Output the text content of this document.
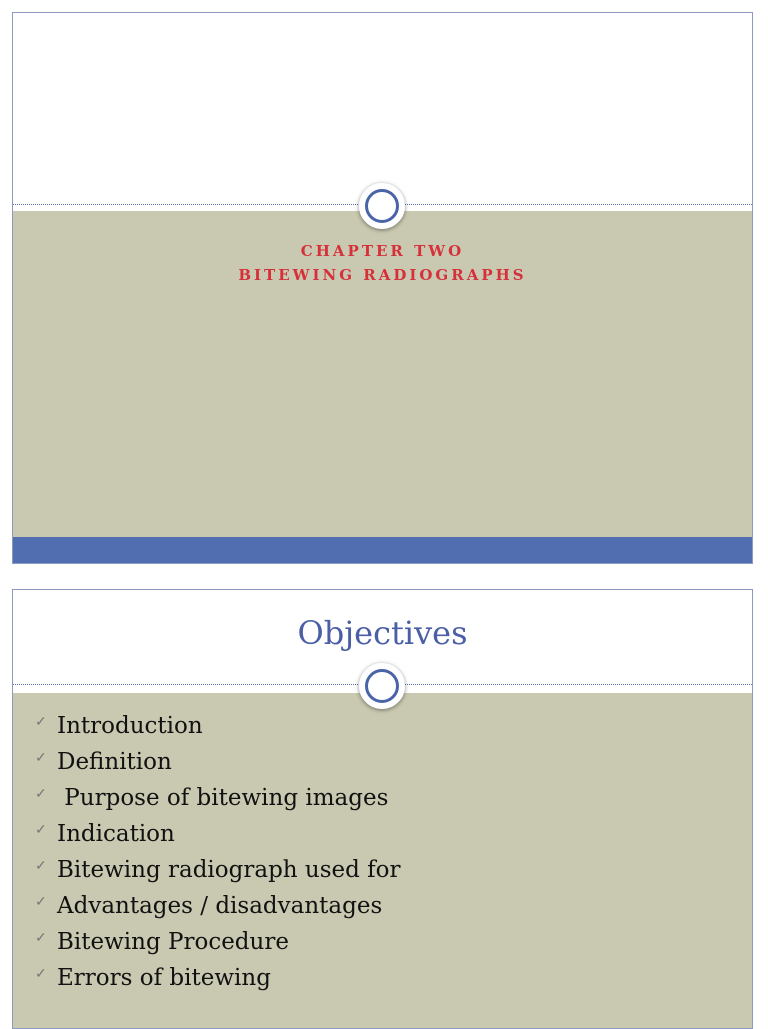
CHAPTER TWO
BITEWING RADIOGRAPHS
Objectives
✓ Introduction
✓ Definition
✓ Purpose of bitewing images
✓ Indication
✓ Bitewing radiograph used for
✓ Advantages / disadvantages
✓ Bitewing Procedure
✓ Errors of bitewing
